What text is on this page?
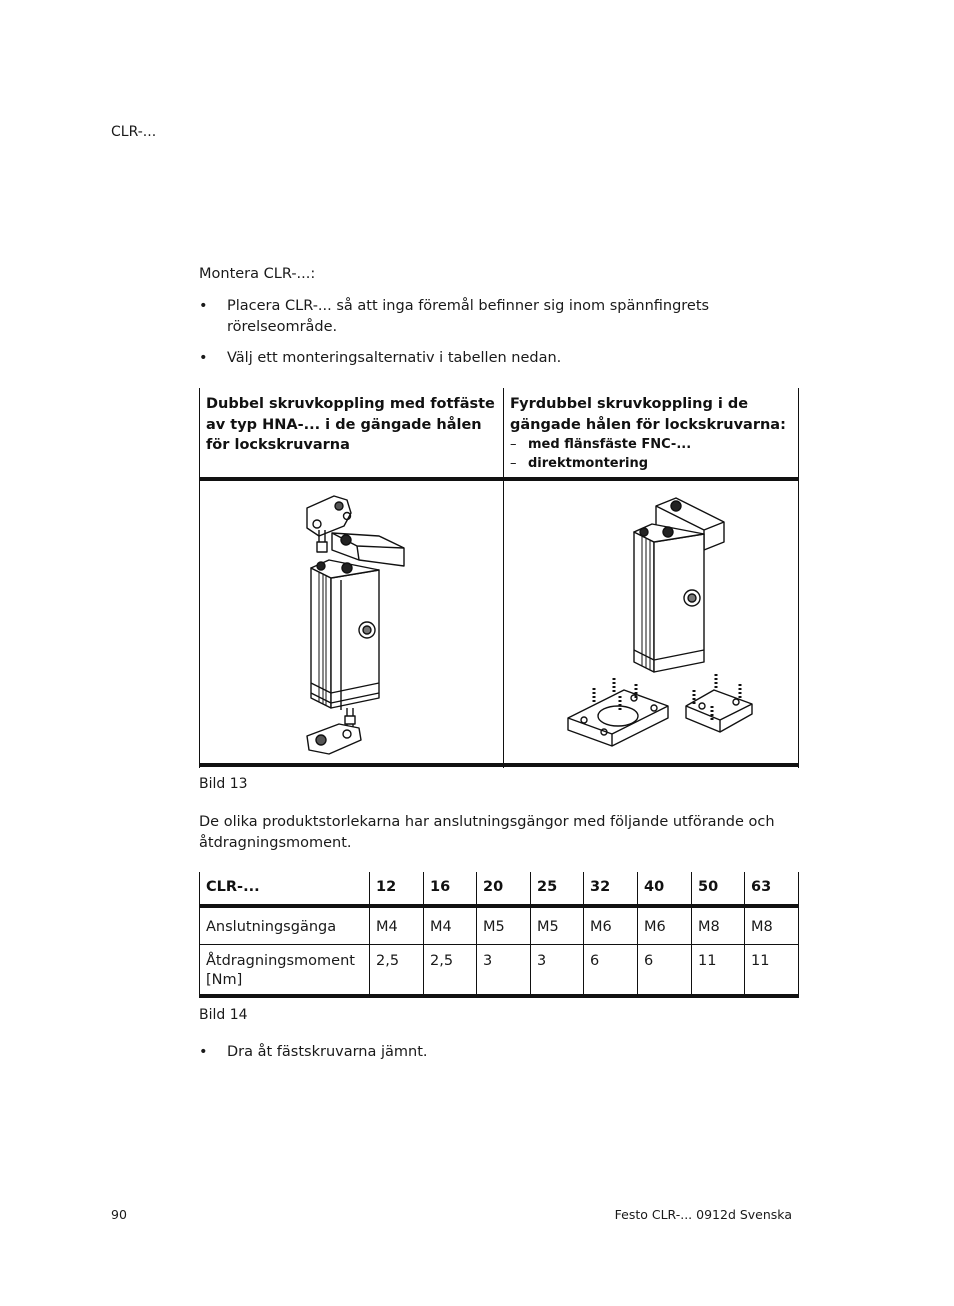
CLR-...
Montera CLR-...:
• Placera CLR-... så att inga föremål befinner sig inom spännfingrets rörelseområde.
• Välj ett monteringsalternativ i tabellen nedan.
Dubbel skruvkoppling med fotfäste av typ HNA-... i de gängade hålen för lockskruvarna
Fyrdubbel skruvkoppling i de gängade hålen för lockskruvarna:
– med flänsfäste FNC-...
– direktmontering
Bild 13
De olika produktstorlekarna har anslutningsgängor med följande utförande och åtdragningsmoment.
CLR-...	12 16 20 25 32 40 50 63
Anslutningsgänga	M4 M4 M5 M5 M6 M6 M8 M8
Åtdragningsmoment [Nm]
2,5 2,5 3	3	6	6	11 11
Bild 14
• Dra åt fästskruvarna jämnt.
90	Festo CLR-... 0912d Svenska
